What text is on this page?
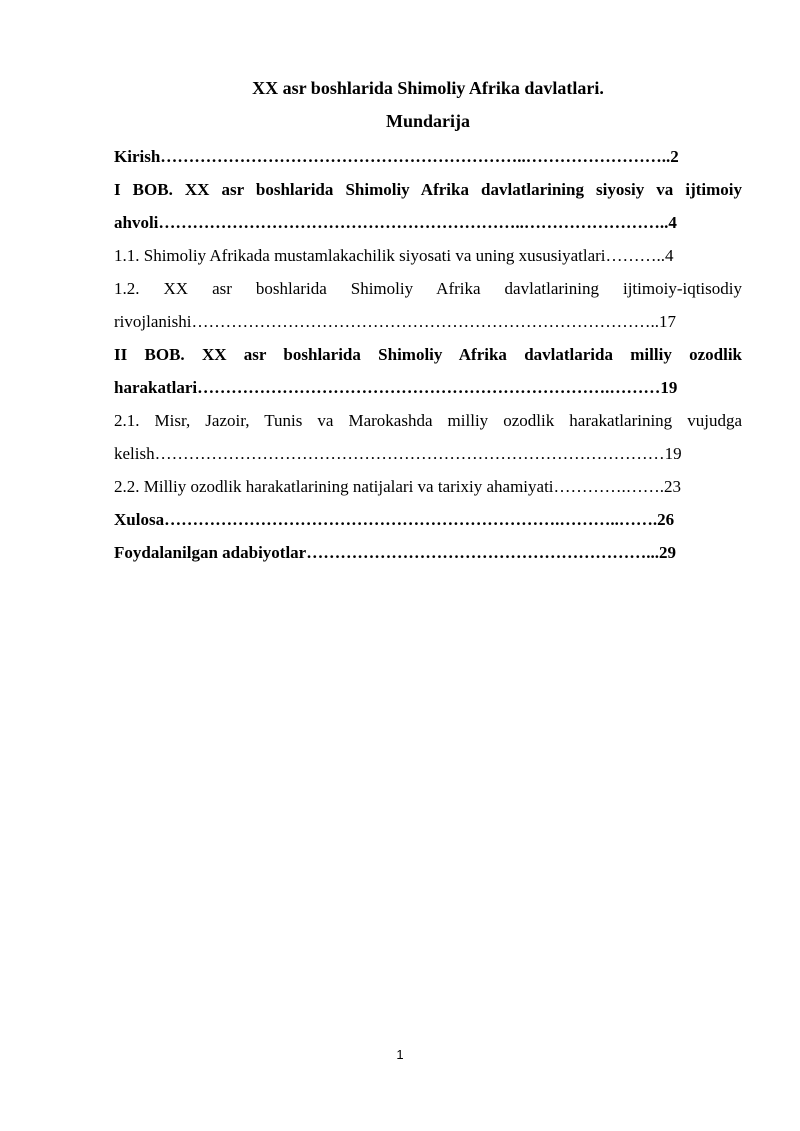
XX asr boshlarida Shimoliy Afrika davlatlari.
Mundarija
Kirish………………………………………………………..……………………..2
I BOB. XX asr boshlarida Shimoliy Afrika davlatlarining siyosiy va ijtimoiy
ahvoli………………………………………………………..……………………..4
1.1. Shimoliy Afrikada mustamlakachilik siyosati va uning xususiyatlari………..4
1.2. XX asr boshlarida Shimoliy Afrika davlatlarining ijtimoiy-iqtisodiy
rivojlanishi………………………………………………………………………..17
II BOB. XX asr boshlarida Shimoliy Afrika davlatlarida milliy ozodlik
harakatlari……………………………………………………………….………19
2.1. Misr, Jazoir, Tunis va Marokashda milliy ozodlik harakatlarining vujudga
kelish………………………………………………………………………………19
2.2. Milliy ozodlik harakatlarining natijalari va tarixiy ahamiyati………….…….23
Xulosa…………………………………………………………….………..…….26
Foydalanilgan adabiyotlar……………………………………………………...29
1
